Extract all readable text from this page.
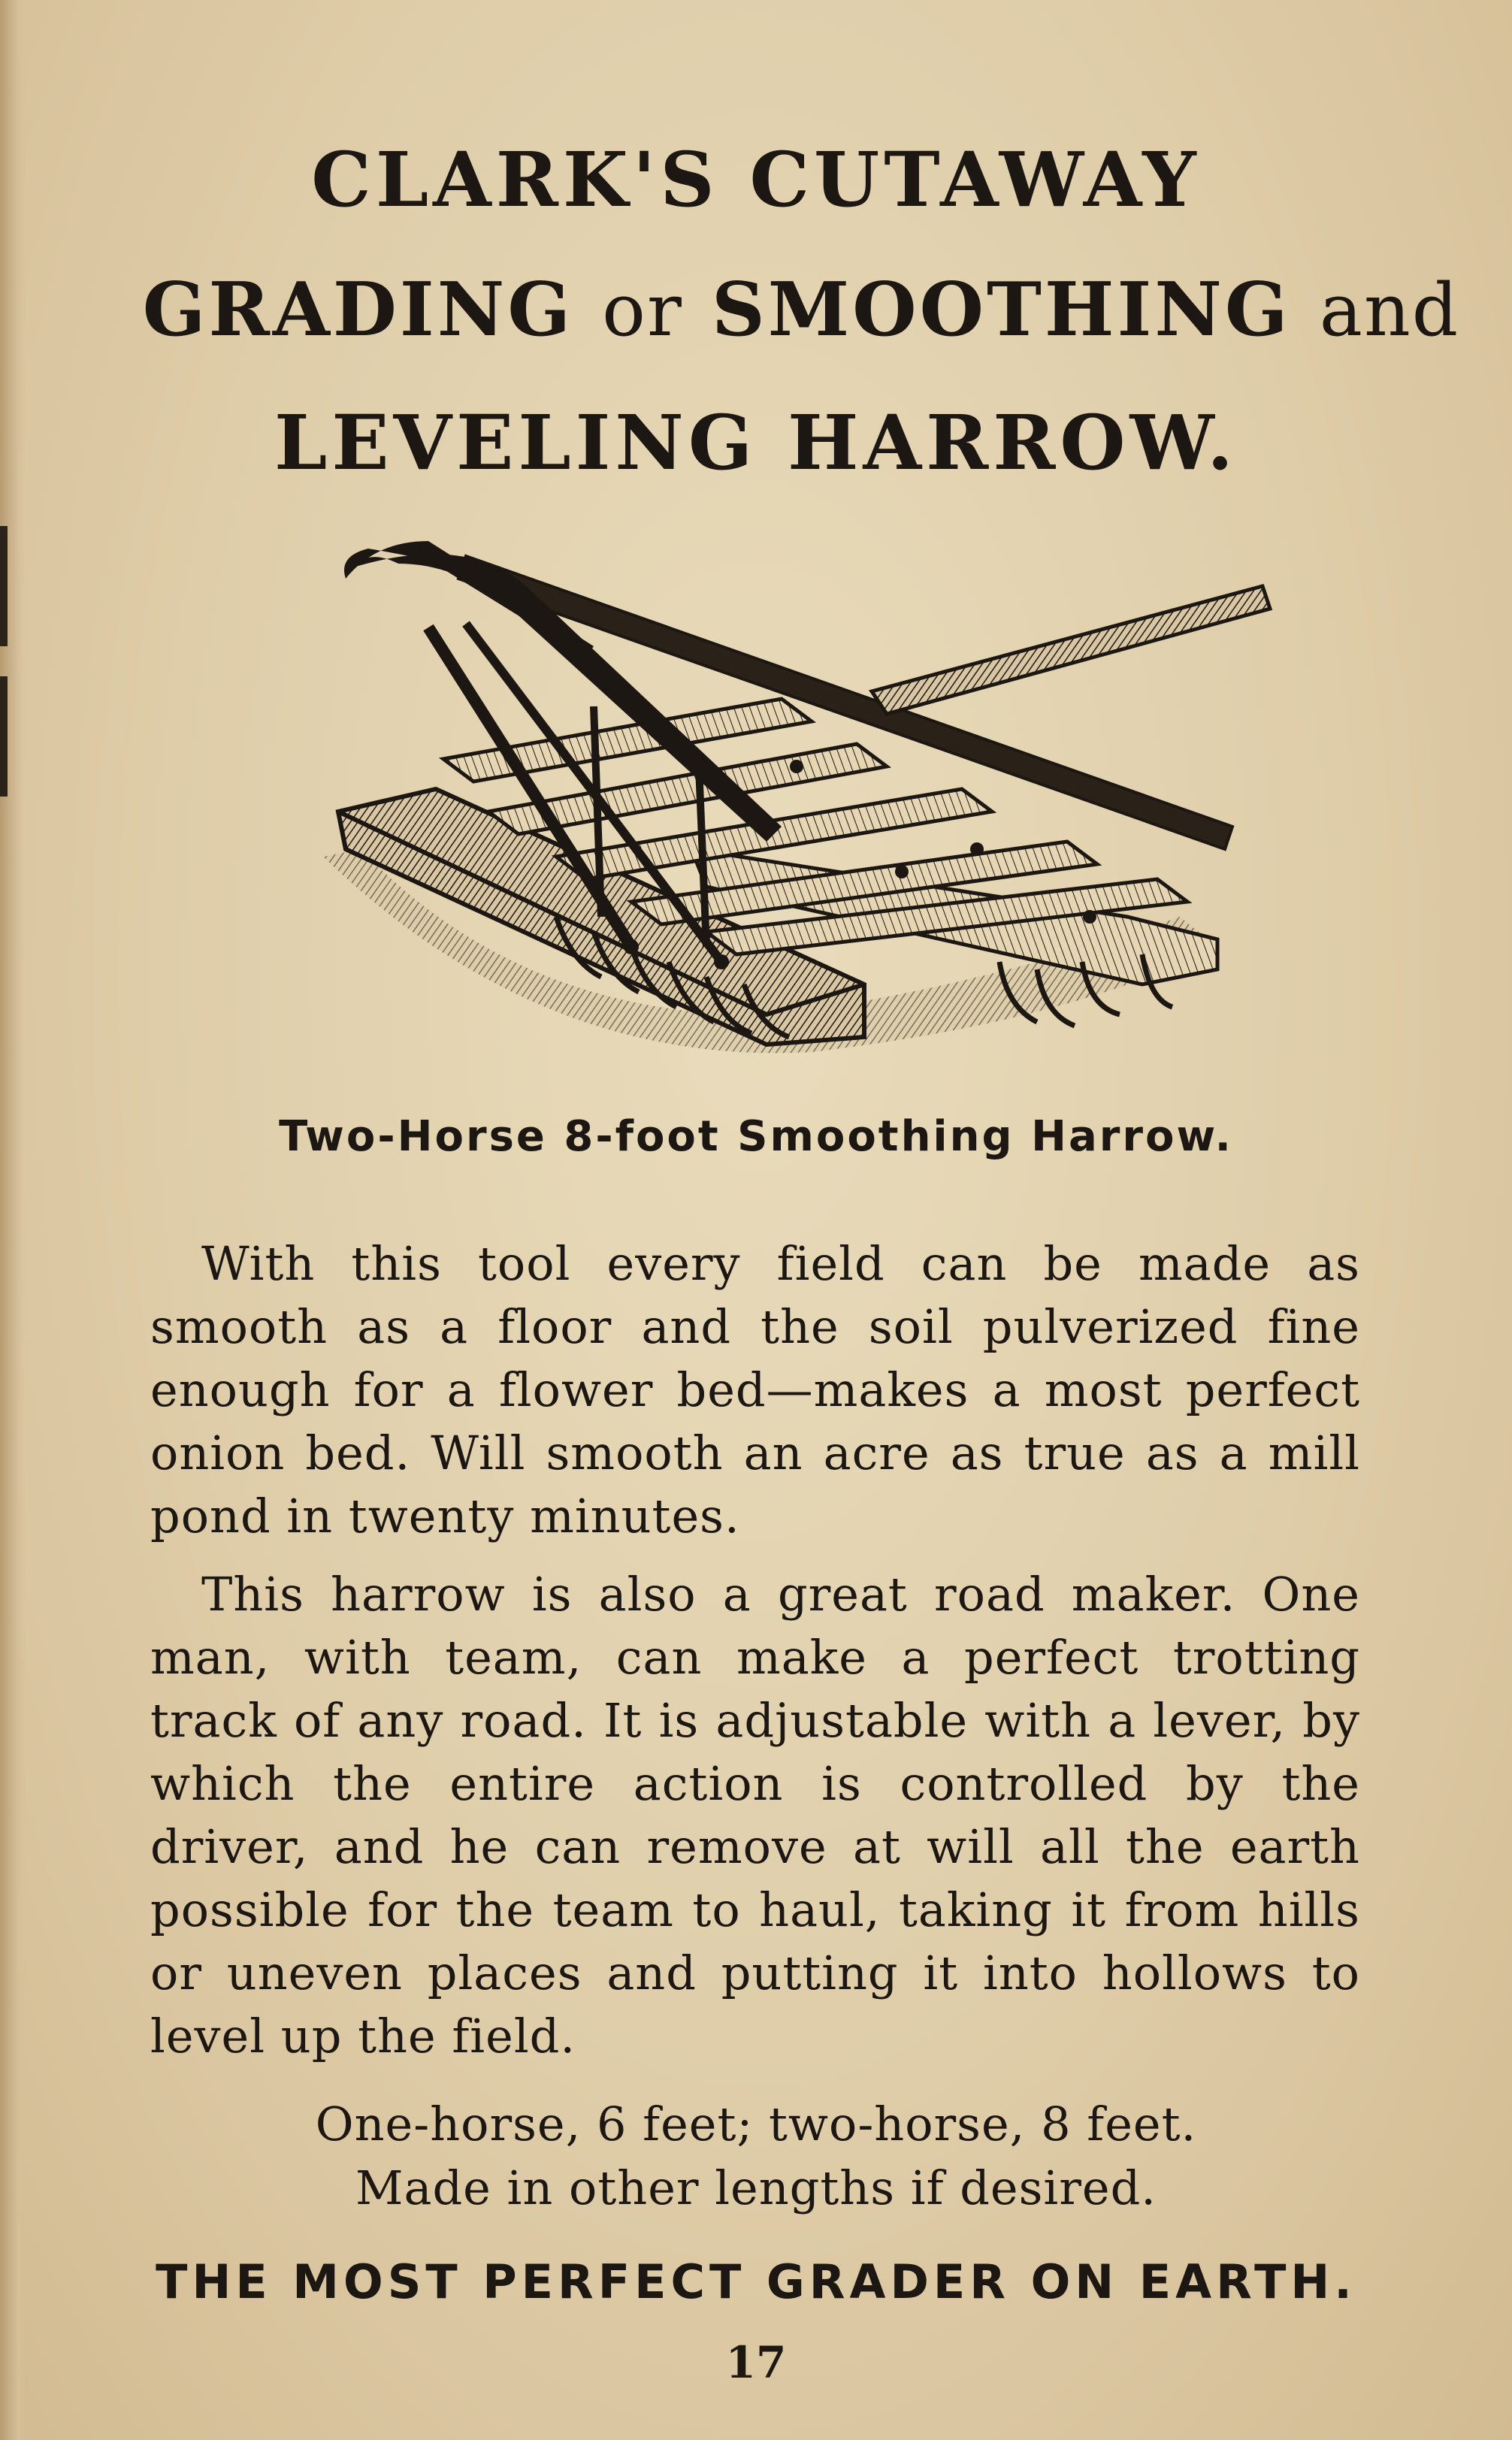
CLARK'S CUTAWAY
GRADING or SMOOTHING and
LEVELING HARROW.
Two-Horse 8-foot Smoothing Harrow.

With this tool every field can be made as smooth as a floor and the soil pulverized fine enough for a flower bed—makes a most perfect onion bed. Will smooth an acre as true as a mill pond in twenty minutes.

This harrow is also a great road maker. One man, with team, can make a perfect trotting track of any road. It is adjustable with a lever, by which the entire action is controlled by the driver, and he can remove at will all the earth possible for the team to haul, taking it from hills or uneven places and putting it into hollows to level up the field.

One-horse, 6 feet; two-horse, 8 feet.
Made in other lengths if desired.
THE MOST PERFECT GRADER ON EARTH.
17
